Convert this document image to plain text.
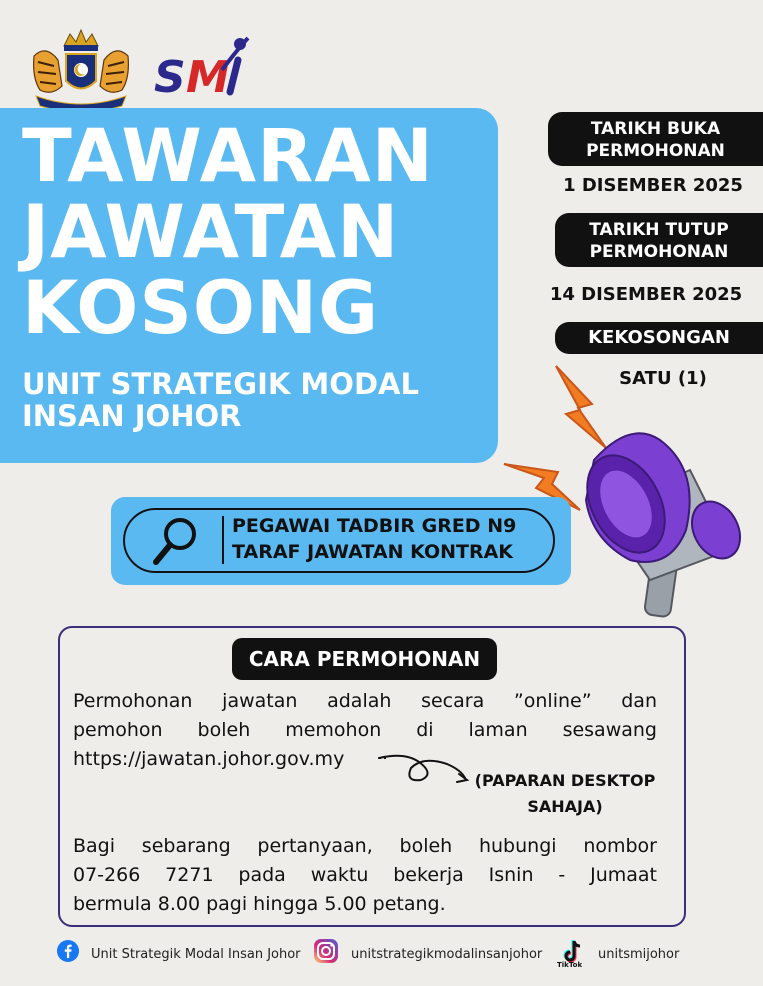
S M
TAWARAN
JAWATAN
KOSONG
UNIT STRATEGIK MODAL INSAN JOHOR
TARIKH BUKA PERMOHONAN
1 DISEMBER 2025
TARIKH TUTUP PERMOHONAN
14 DISEMBER 2025
KEKOSONGAN
SATU (1)
PEGAWAI TADBIR GRED N9
TARAF JAWATAN KONTRAK
CARA PERMOHONAN
Permohonan jawatan adalah secara ”online” dan
pemohon boleh memohon di laman sesawang
https://jawatan.johor.gov.my
(PAPARAN DESKTOP SAHAJA)
Bagi sebarang pertanyaan, boleh hubungi nombor
07-266 7271 pada waktu bekerja Isnin - Jumaat
bermula 8.00 pagi hingga 5.00 petang.
Unit Strategik Modal Insan Johor	unitstrategikmodalinsanjohor
TikTok
unitsmijohor
